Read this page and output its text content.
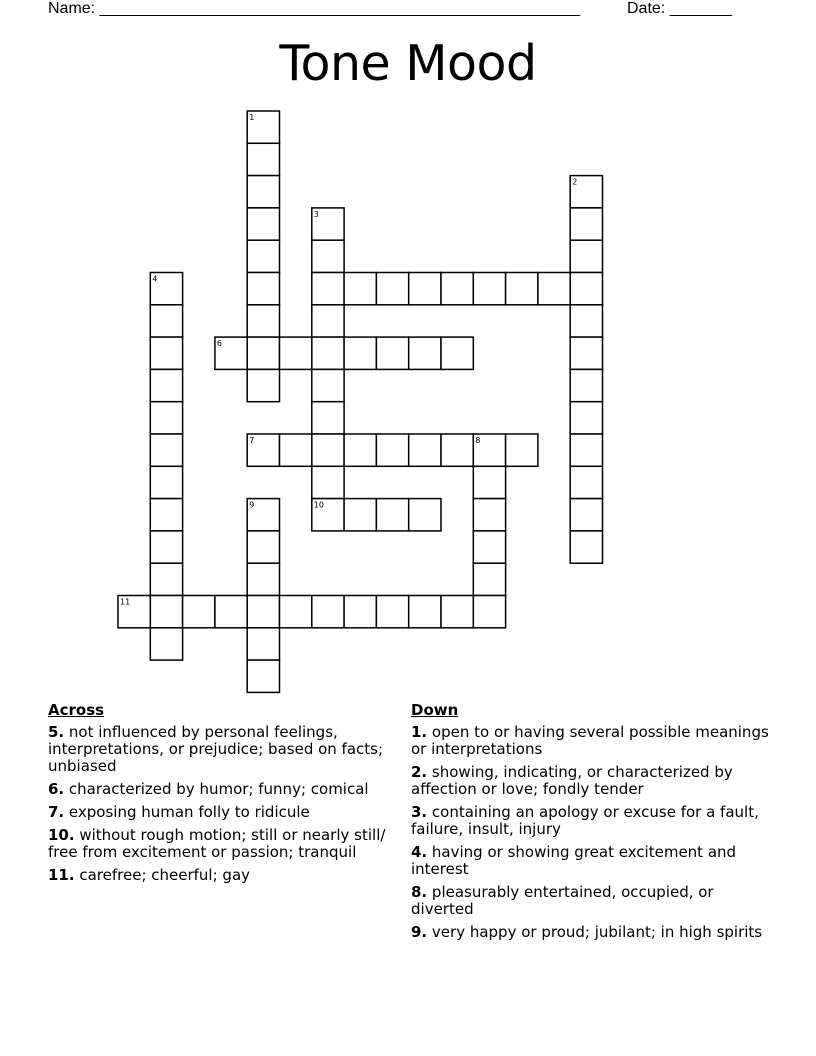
Name: ______________________________________________________	Date: _______
Tone Mood
1
2
3
4
6
7	8
9	10
11
Across
5. not influenced by personal feelings, interpretations, or prejudice; based on facts; unbiased
6. characterized by humor; funny; comical
7. exposing human folly to ridicule
10. without rough motion; still or nearly still/ free from excitement or passion; tranquil
11. carefree; cheerful; gay
Down
1. open to or having several possible meanings or interpretations
2. showing, indicating, or characterized by affection or love; fondly tender
3. containing an apology or excuse for a fault, failure, insult, injury
4. having or showing great excitement and interest
8. pleasurably entertained, occupied, or diverted
9. very happy or proud; jubilant; in high spirits
